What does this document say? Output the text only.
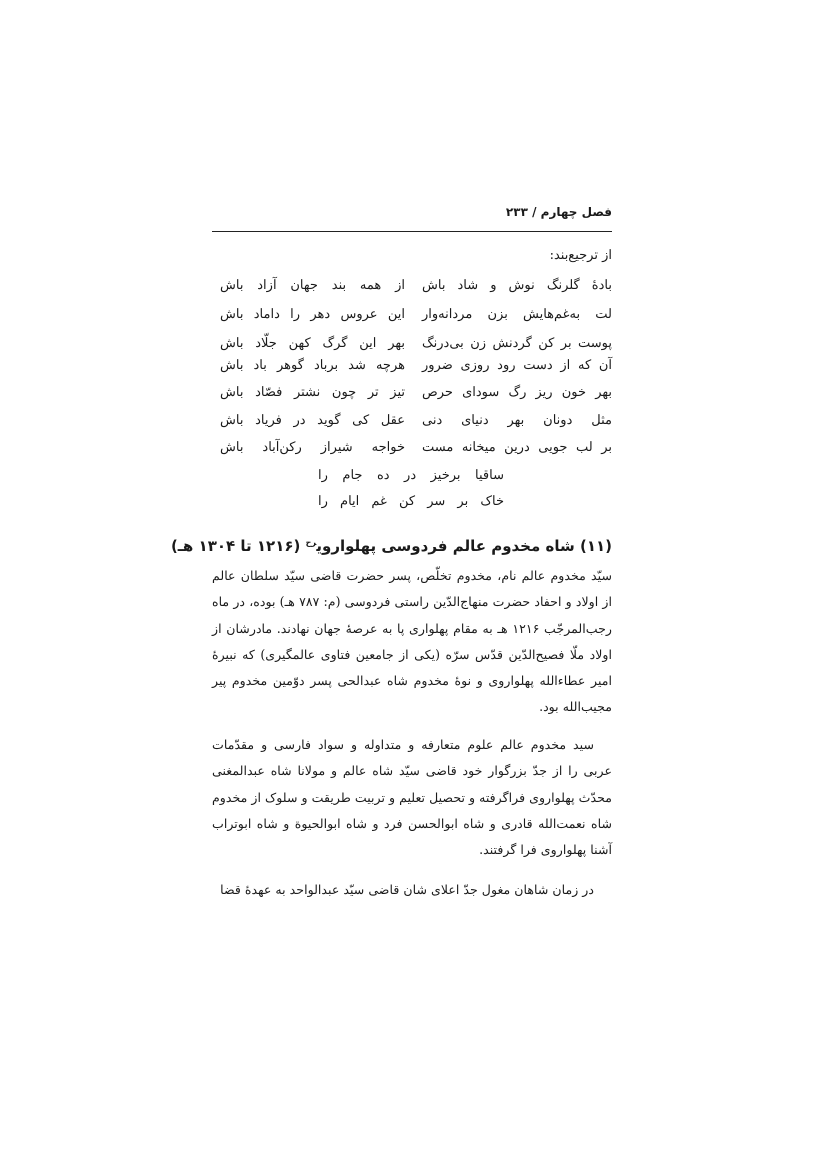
فصل چهارم / ۲۳۳
از ترجیع‌بند:
بادۀ گلرنگ نوش و شاد باش
از همه بند جهان آزاد باش
لت به‌غم‌هایش بزن مردانه‌وار
این عروس دهر را داماد باش
پوست بر کن گردنش زن بی‌درنگ
بهر این گرگ کهن جلّاد باش
آن که از دست رود روزی ضرور
هرچه شد برباد گوهر باد باش
بهر خون ریز رگ سودای حرص
تیز تر چون نشتر فصّاد باش
مثل دونان بهر دنیای دنی
عقل کی گوید در فریاد باش
بر لب جویی درین میخانه مست
خواجه شیراز رکن‌آباد باش
ساقیا برخیز در ده جام را
خاک بر سر کن غم ایام را
(۱۱) شاه مخدوم عالم فردوسی پهلواروی$^{رح}$ (۱۲۱۶ تا ۱۳۰۴ هـ)
سیّد مخدوم عالم نام، مخدوم تخلّص، پسر حضرت قاضی سیّد سلطان عالم از اولاد و احفاد حضرت منهاج‌الدّین راستی فردوسی (م: ۷۸۷ هـ) بوده، در ماه رجب‌المرجّب ۱۲۱۶ هـ به مقام پهلواری پا به عرصۀ جهان نهادند. مادرشان از اولاد ملّا فصیح‌الدّین قدّس سرّه (یکی از جامعین فتاوی عالمگیری) که نبیرۀ امیر عطاءالله پهلواروی و نوۀ مخدوم شاه عبدالحی پسر دوّمین مخدوم پیر مجیب‌الله بود.
سید مخدوم عالم علوم متعارفه و متداوله و سواد فارسی و مقدّمات عربی را از جدّ بزرگوار خود قاضی سیّد شاه عالم و مولانا شاه عبدالمغنی محدّث پهلواروی فراگرفته و تحصیل تعلیم و تربیت طریقت و سلوک از مخدوم شاه نعمت‌الله قادری و شاه ابوالحسن فرد و شاه ابوالحیوة و شاه ابوتراب آشنا پهلواروی فرا گرفتند.
در زمان شاهان مغول جدّ اعلای شان قاضی سیّد عبدالواحد به عهدۀ قضا
